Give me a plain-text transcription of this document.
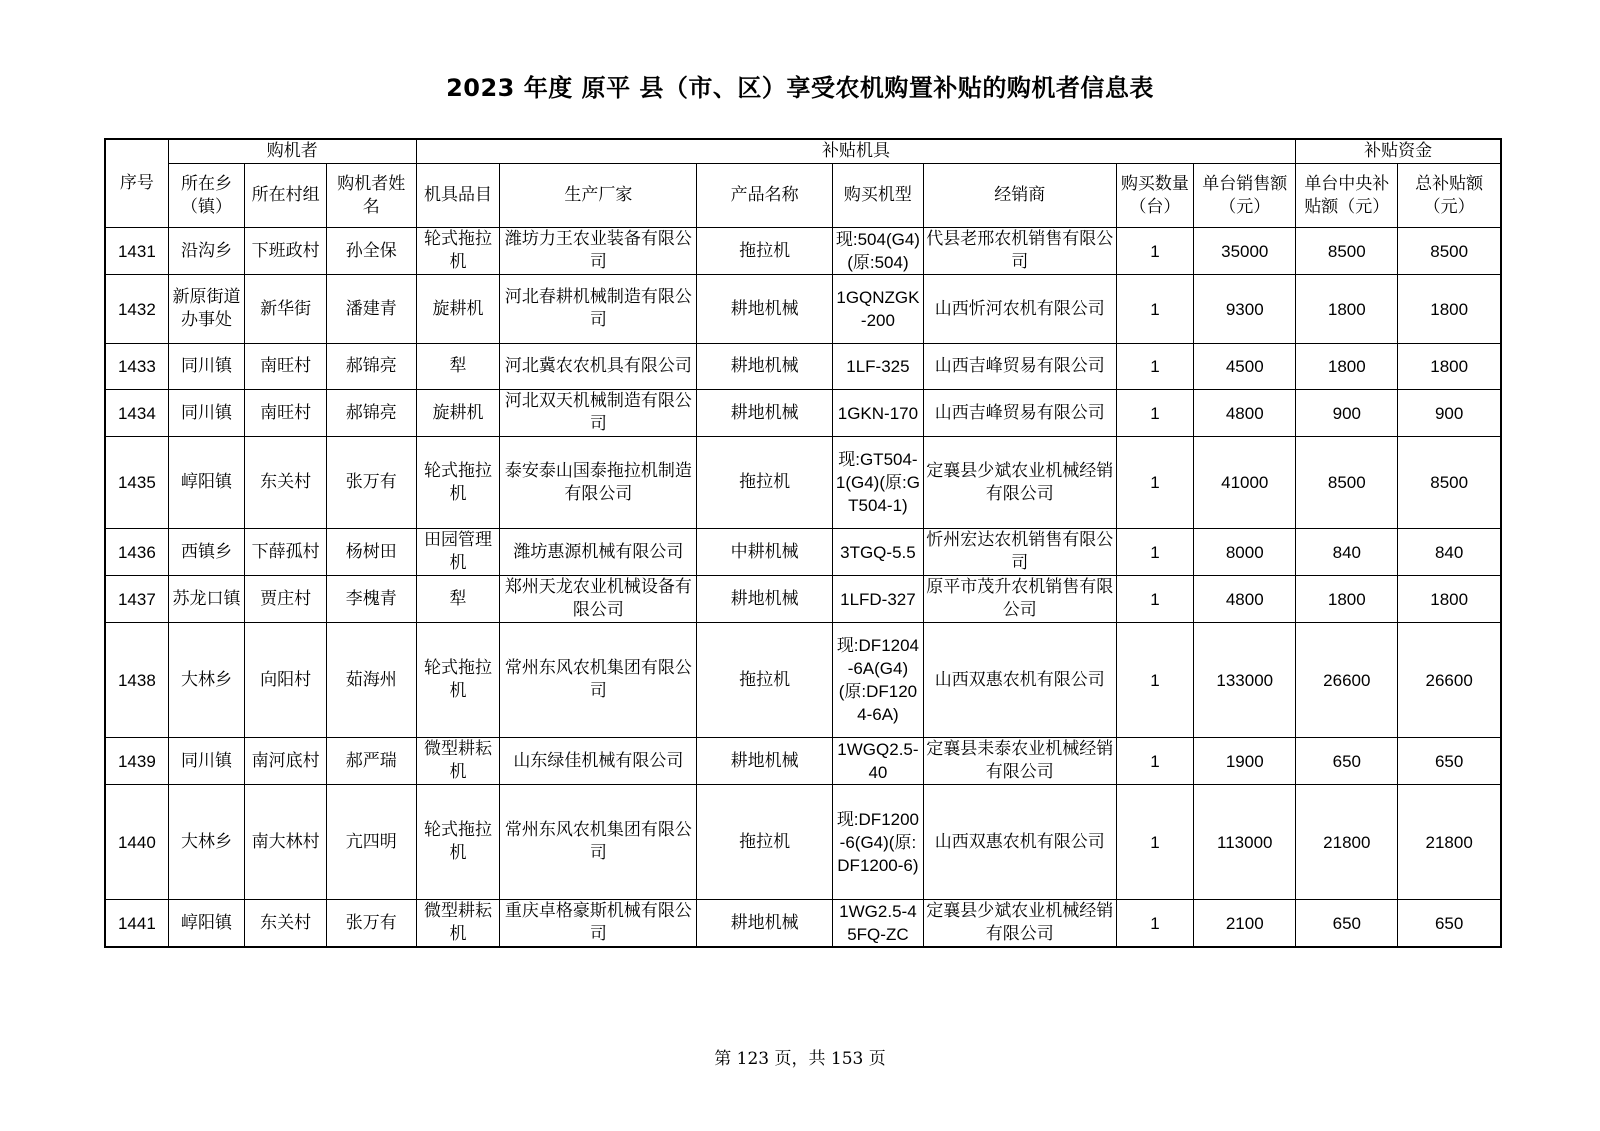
2023 年度 原平 县（市、区）享受农机购置补贴的购机者信息表
序号	购机者			补贴机具							补贴资金	
	所在乡（镇）	所在村组	购机者姓名	机具品目	生产厂家	产品名称	购买机型	经销商	购买数量（台）	单台销售额（元）	单台中央补贴额（元）	总补贴额（元）
1431	沿沟乡	下班政村	孙全保	轮式拖拉机	潍坊力王农业装备有限公司	拖拉机	现:504(G4)(原:504)	代县老邢农机销售有限公司	1	35000	8500	8500
1432	新原街道办事处	新华街	潘建青	旋耕机	河北春耕机械制造有限公司	耕地机械	1GQNZGK-200	山西忻河农机有限公司	1	9300	1800	1800
1433	同川镇	南旺村	郝锦亮	犁	河北冀农农机具有限公司	耕地机械	1LF-325	山西吉峰贸易有限公司	1	4500	1800	1800
1434	同川镇	南旺村	郝锦亮	旋耕机	河北双天机械制造有限公司	耕地机械	1GKN-170	山西吉峰贸易有限公司	1	4800	900	900
1435	崞阳镇	东关村	张万有	轮式拖拉机	泰安泰山国泰拖拉机制造有限公司	拖拉机	现:GT504-1(G4)(原:GT504-1)	定襄县少斌农业机械经销有限公司	1	41000	8500	8500
1436	西镇乡	下薛孤村	杨树田	田园管理机	潍坊惠源机械有限公司	中耕机械	3TGQ-5.5	忻州宏达农机销售有限公司	1	8000	840	840
1437	苏龙口镇	贾庄村	李槐青	犁	郑州天龙农业机械设备有限公司	耕地机械	1LFD-327	原平市茂升农机销售有限公司	1	4800	1800	1800
1438	大林乡	向阳村	茹海州	轮式拖拉机	常州东风农机集团有限公司	拖拉机	现:DF1204-6A(G4)(原:DF1204-6A)	山西双惠农机有限公司	1	133000	26600	26600
1439	同川镇	南河底村	郝严瑞	微型耕耘机	山东绿佳机械有限公司	耕地机械	1WGQ2.5-40	定襄县耒泰农业机械经销有限公司	1	1900	650	650
1440	大林乡	南大林村	亢四明	轮式拖拉机	常州东风农机集团有限公司	拖拉机	现:DF1200-6(G4)(原:DF1200-6)	山西双惠农机有限公司	1	113000	21800	21800
1441	崞阳镇	东关村	张万有	微型耕耘机	重庆卓格豪斯机械有限公司	耕地机械	1WG2.5-45FQ-ZC	定襄县少斌农业机械经销有限公司	1	2100	650	650
第 123 页，共 153 页
